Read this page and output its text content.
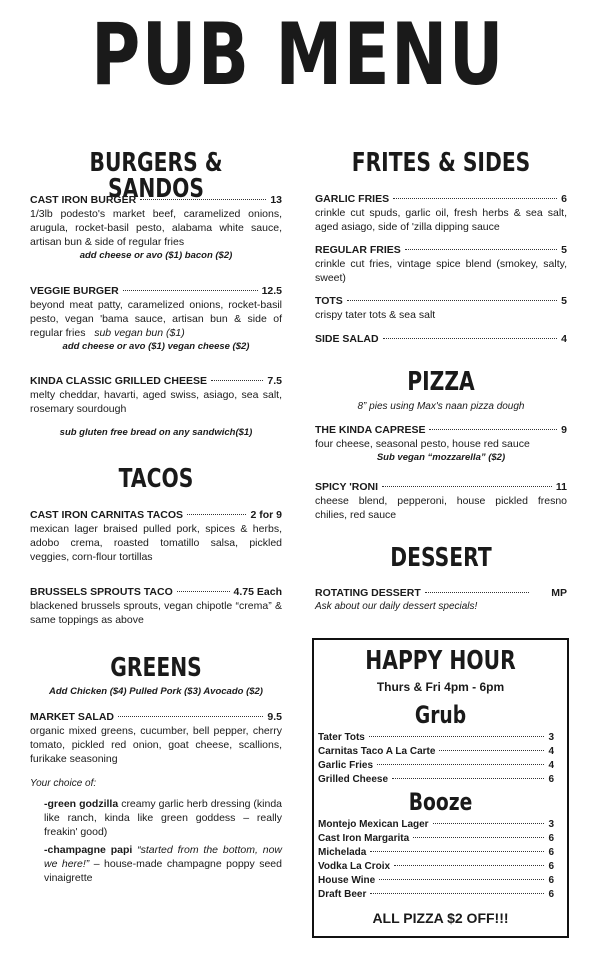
PUB MENU
BURGERS & SANDOS
CAST IRON BURGER	13
1/3lb podesto's market beef, caramelized onions, arugula, rocket-basil pesto, alabama white sauce, artisan bun & side of regular fries
add cheese or avo ($1) bacon ($2)
VEGGIE BURGER	12.5
beyond meat patty, caramelized onions, rocket-basil pesto, vegan 'bama sauce, artisan bun & side of regular fries sub vegan bun ($1)
add cheese or avo ($1) vegan cheese ($2)
KINDA CLASSIC GRILLED CHEESE	7.5
melty cheddar, havarti, aged swiss, asiago, sea salt, rosemary sourdough
sub gluten free bread on any sandwich($1)
TACOS
CAST IRON CARNITAS TACOS	2 for 9
mexican lager braised pulled pork, spices & herbs, adobo crema, roasted tomatillo salsa, pickled veggies, corn-flour tortillas
BRUSSELS SPROUTS TACO	4.75 Each
blackened brussels sprouts, vegan chipotle “crema” & same toppings as above
GREENS
Add Chicken ($4) Pulled Pork ($3) Avocado ($2)
MARKET SALAD	9.5
organic mixed greens, cucumber, bell pepper, cherry tomato, pickled red onion, goat cheese, scallions, furikake seasoning
Your choice of:
-green godzilla creamy garlic herb dressing (kinda like ranch, kinda like green goddess – really freakin' good)
-champagne papi “started from the bottom, now we here!” – house-made champagne poppy seed vinaigrette
FRITES & SIDES
GARLIC FRIES	6
crinkle cut spuds, garlic oil, fresh herbs & sea salt, aged asiago, side of 'zilla dipping sauce
REGULAR FRIES	5
crinkle cut fries, vintage spice blend (smokey, salty, sweet)
TOTS	5
crispy tater tots & sea salt
SIDE SALAD	4
PIZZA
8” pies using Max's naan pizza dough
THE KINDA CAPRESE	9
four cheese, seasonal pesto, house red sauce
Sub vegan “mozzarella” ($2)
SPICY 'RONI	11
cheese blend, pepperoni, house pickled fresno chilies, red sauce
DESSERT
ROTATING DESSERT	MP
Ask about our daily dessert specials!
HAPPY HOUR
Thurs & Fri 4pm - 6pm
Grub
Tater Tots	3
Carnitas Taco A La Carte	4
Garlic Fries	4
Grilled Cheese	6
Booze
Montejo Mexican Lager	3
Cast Iron Margarita	6
Michelada	6
Vodka La Croix	6
House Wine	6
Draft Beer	6
ALL PIZZA $2 OFF!!!
